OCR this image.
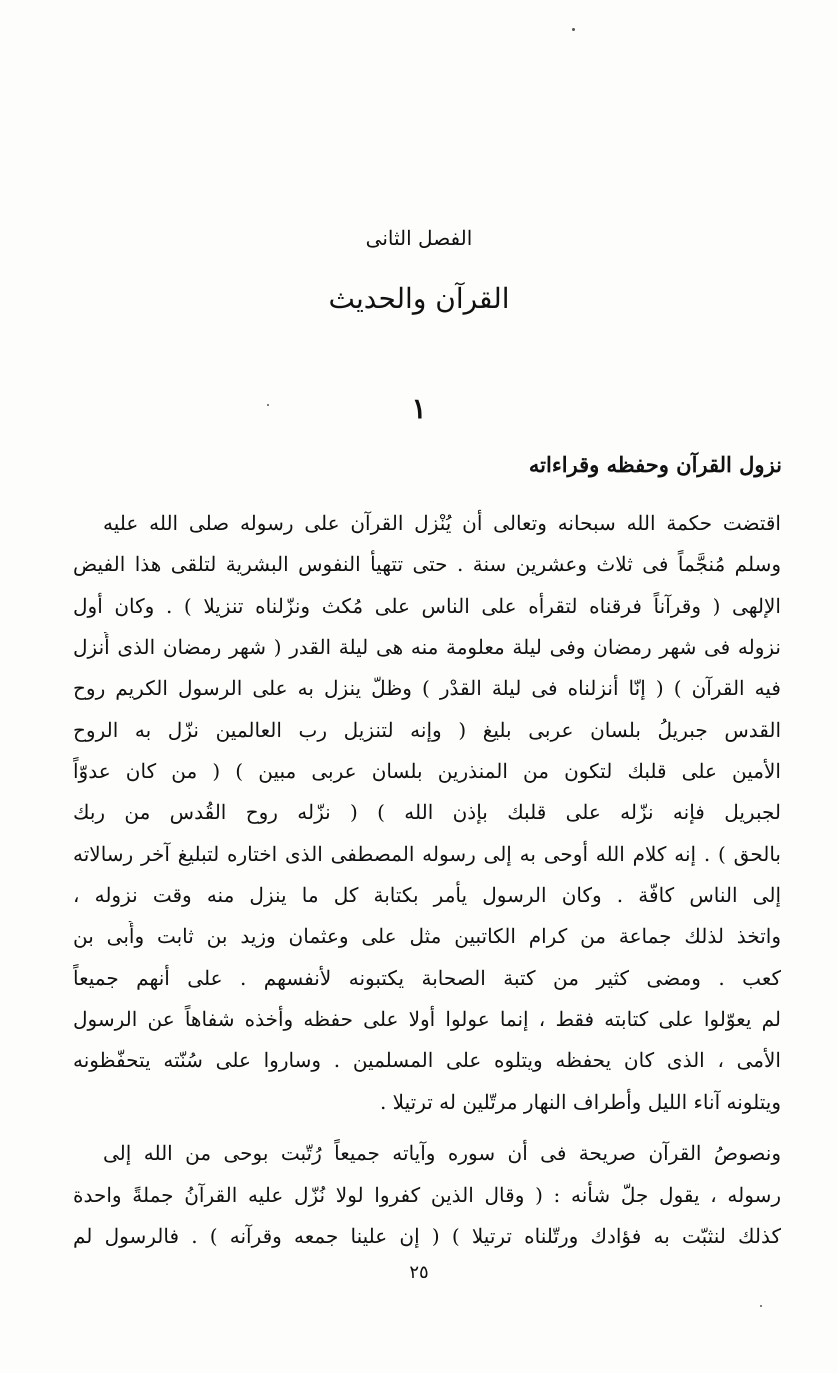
الفصل الثانى
القرآن والحديث
١
نزول القرآن وحفظه وقراءاته
اقتضت حكمة الله سبحانه وتعالى أن يُنْزل القرآن على رسوله صلى الله عليه
وسلم مُنجَّماً فى ثلاث وعشرين سنة . حتى تتهيأ النفوس البشرية لتلقى هذا الفيض
الإلهى ( وقرآناً فرقناه لتقرأه على الناس على مُكث ونزّلناه تنزيلا ) . وكان أول
نزوله فى شهر رمضان وفى ليلة معلومة منه هى ليلة القدر ( شهر رمضان الذى أُنزل
فيه القرآن ) ( إنّا أنزلناه فى ليلة القدْر ) وظلّ ينزل به على الرسول الكريم روح
القدس جبريلُ بلسان عربى بليغ ( وإنه لتنزيل رب العالمين نزّل به الروح
الأمين على قلبك لتكون من المنذرين بلسان عربى مبين ) ( من كان عدوّاً
لجبريل فإنه نزّله على قلبك بإذن الله ) ( نزّله روح القُدس من ربك
بالحق ) . إنه كلام الله أوحى به إلى رسوله المصطفى الذى اختاره لتبليغ آخر رسالاته
إلى الناس كافّة . وكان الرسول يأمر بكتابة كل ما ينزل منه وقت نزوله ،
واتخذ لذلك جماعة من كرام الكاتبين مثل على وعثمان وزيد بن ثابت وأُبى بن
كعب . ومضى كثير من كتبة الصحابة يكتبونه لأنفسهم . على أنهم جميعاً
لم يعوّلوا على كتابته فقط ، إنما عولوا أولا على حفظه وأخذه شفاهاً عن الرسول
الأمى ، الذى كان يحفظه ويتلوه على المسلمين . وساروا على سُنّته يتحفّظونه
ويتلونه آناء الليل وأطراف النهار مرتّلين له ترتيلا .
ونصوصُ القرآن صريحة فى أن سوره وآياته جميعاً رُتّبت بوحى من الله إلى
رسوله ، يقول جلّ شأنه : ( وقال الذين كفروا لولا نُزّل عليه القرآنُ جملةً واحدة
كذلك لنثبّت به فؤادك ورتّلناه ترتيلا ) ( إن علينا جمعه وقرآنه ) . فالرسول لم
٢٥
